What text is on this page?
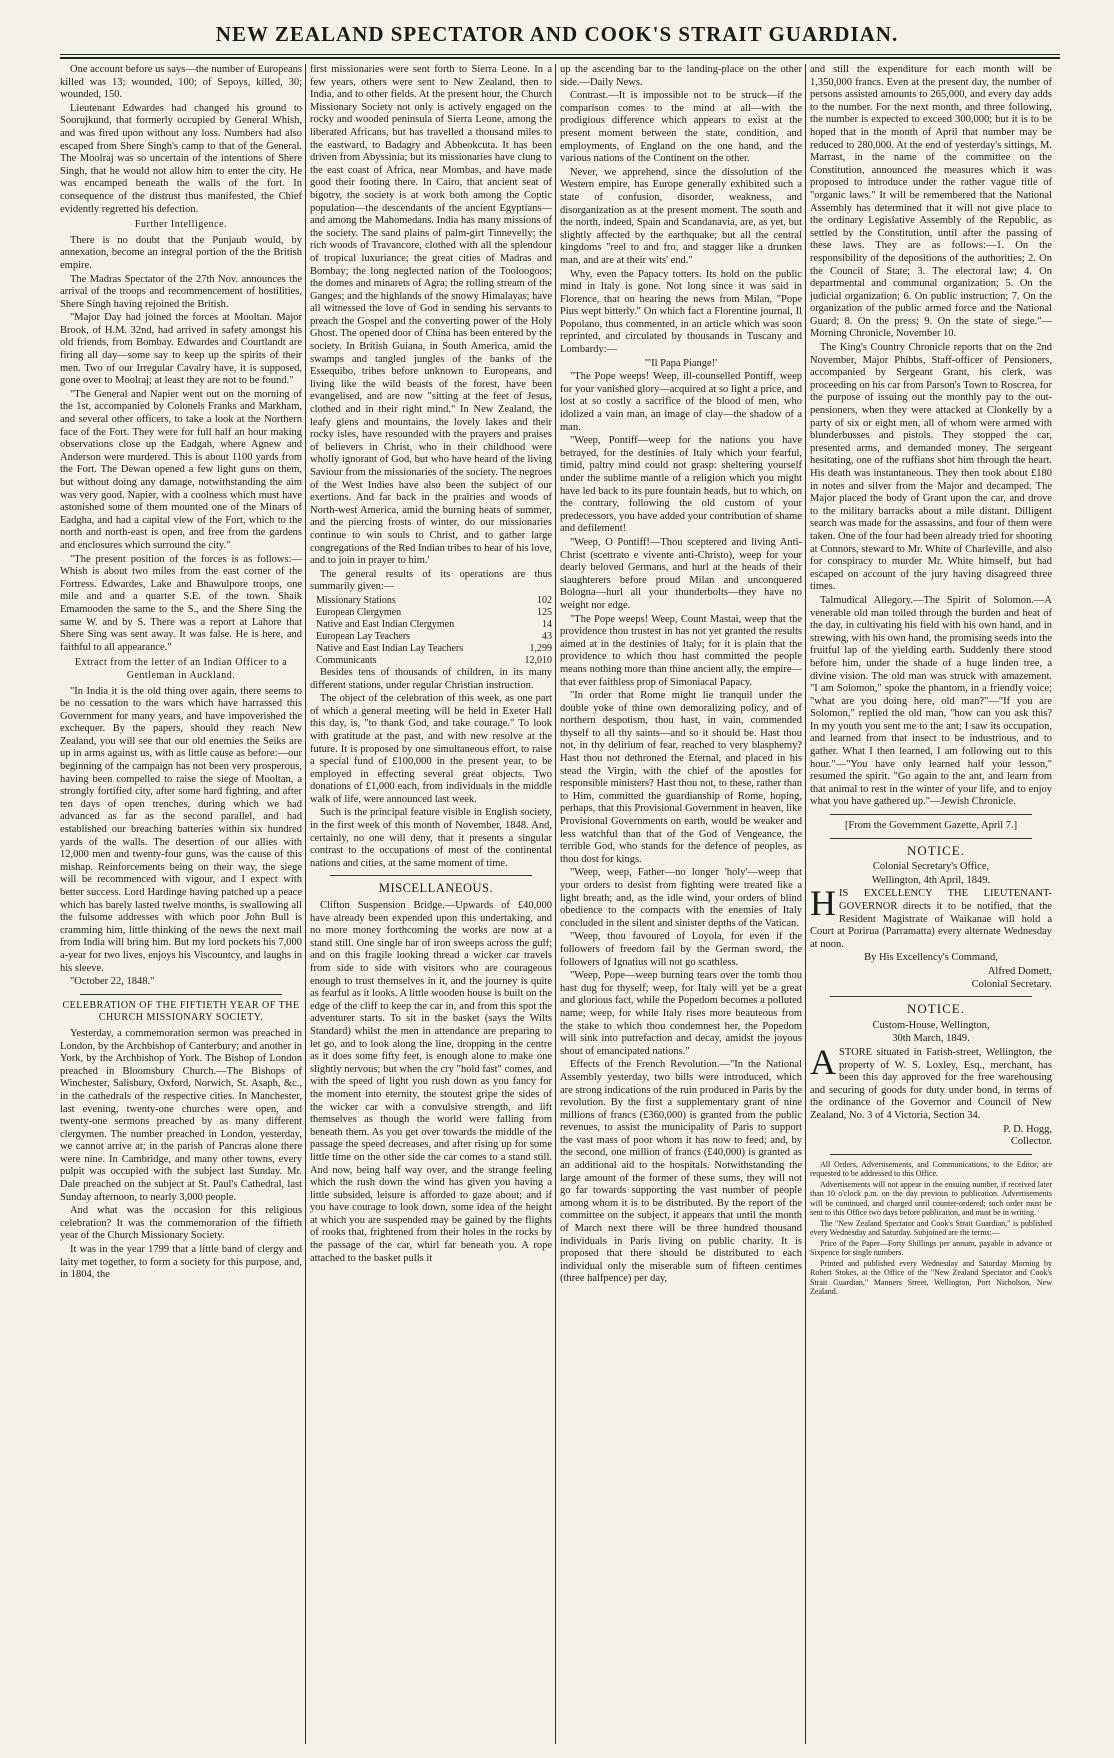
NEW ZEALAND SPECTATOR AND COOK'S STRAIT GUARDIAN.

One account before us says—the number of Europeans killed was 13; wounded, 100; of Sepoys, killed, 30; wounded, 150.

Lieutenant Edwardes had changed his ground to Soorujkund, that formerly occupied by General Whish, and was fired upon without any loss. Numbers had also escaped from Shere Singh's camp to that of the General. The Moolraj was so uncertain of the intentions of Shere Singh, that he would not allow him to enter the city. He was encamped beneath the walls of the fort. In consequence of the distrust thus manifested, the Chief evidently regretted his defection.

Further Intelligence.

There is no doubt that the Punjaub would, by annexation, become an integral portion of the the British empire.

The Madras Spectator of the 27th Nov. announces the arrival of the troops and recommencement of hostilities, Shere Singh having rejoined the British.

"Major Day had joined the forces at Mooltan. Major Brook, of H.M. 32nd, had arrived in safety amongst his old friends, from Bombay. Edwardes and Courtlandt are firing all day—some say to keep up the spirits of their men. Two of our Irregular Cavalry have, it is supposed, gone over to Moolraj; at least they are not to be found."

"The General and Napier went out on the morning of the 1st, accompanied by Colonels Franks and Markham, and several other officers, to take a look at the Northern face of the Fort. They were for full half an hour making observations close up the Eadgah, where Agnew and Anderson were murdered. This is about 1100 yards from the Fort. The Dewan opened a few light guns on them, but without doing any damage, notwithstanding the aim was very good. Napier, with a coolness which must have astonished some of them mounted one of the Minars of Eadgha, and had a capital view of the Fort, which to the north and north-east is open, and free from the gardens and enclosures which surround the city."

"The present position of the forces is as follows:—Whish is about two miles from the east corner of the Fortress. Edwardes, Lake and Bhawulpore troops, one mile and and a quarter S.E. of the town. Shaik Emamooden the same to the S., and the Shere Sing the same W. and by S. There was a report at Lahore that Shere Sing was sent away. It was false. He is here, and faithful to all appearance."

Extract from the letter of an Indian Officer to a Gentleman in Auckland.

"In India it is the old thing over again, there seems to be no cessation to the wars which have harrassed this Government for many years, and have impoverished the exchequer. By the papers, should they reach New Zealand, you will see that our old enemies the Seiks are up in arms against us, with as little cause as before:—our beginning of the campaign has not been very prosperous, having been compelled to raise the siege of Mooltan, a strongly fortified city, after some hard fighting, and after ten days of open trenches, during which we had advanced as far as the second parallel, and had established our breaching batteries within six hundred yards of the walls. The desertion of our allies with 12,000 men and twenty-four guns, was the cause of this mishap. Reinforcements being on their way, the siege will be recommenced with vigour, and I expect with better success. Lord Hardinge having patched up a peace which has barely lasted twelve months, is swallowing all the fulsome addresses with which poor John Bull is cramming him, little thinking of the news the next mail from India will bring him. But my lord pockets his 7,000 a-year for two lives, enjoys his Viscountcy, and laughs in his sleeve.

"October 22, 1848."

CELEBRATION OF THE FIFTIETH YEAR OF THE CHURCH MISSIONARY SOCIETY.

Yesterday, a commemoration sermon was preached in London, by the Archbishop of Canterbury; and another in York, by the Archbishop of York. The Bishop of London preached in Bloomsbury Church.—The Bishops of Winchester, Salisbury, Oxford, Norwich, St. Asaph, &c., in the cathedrals of the respective cities. In Manchester, last evening, twenty-one churches were open, and twenty-one sermons preached by as many different clergymen. The number preached in London, yesterday, we cannot arrive at; in the parish of Pancras alone there were nine. In Cambridge, and many other towns, every pulpit was occupied with the subject last Sunday. Mr. Dale preached on the subject at St. Paul's Cathedral, last Sunday afternoon, to nearly 3,000 people.

And what was the occasion for this religious celebration? It was the commemoration of the fiftieth year of the Church Missionary Society.

It was in the year 1799 that a little band of clergy and laity met together, to form a society for this purpose, and, in 1804, the

first missionaries were sent forth to Sierra Leone. In a few years, others were sent to New Zealand, then to India, and to other fields. At the present hour, the Church Missionary Society not only is actively engaged on the rocky and wooded peninsula of Sierra Leone, among the liberated Africans, but has travelled a thousand miles to the eastward, to Badagry and Abbeokcuta. It has been driven from Abyssinia; but its missionaries have clung to the east coast of Africa, near Mombas, and have made good their footing there. In Cairo, that ancient seat of bigotry, the society is at work both among the Coptic population—the descendants of the ancient Egyptians—and among the Mahomedans. India has many missions of the society. The sand plains of palm-girt Tinnevelly; the rich woods of Travancore, clothed with all the splendour of tropical luxuriance; the great cities of Madras and Bombay; the long neglected nation of the Tooloogoos; the domes and minarets of Agra; the rolling stream of the Ganges; and the highlands of the snowy Himalayas; have all witnessed the love of God in sending his servants to preach the Gospel and the converting power of the Holy Ghost. The opened door of China has been entered by the society. In British Guiana, in South America, amid the swamps and tangled jungles of the banks of the Essequibo, tribes before unknown to Europeans, and living like the wild beasts of the forest, have been evangelised, and are now "sitting at the feet of Jesus, clothed and in their right mind." In New Zealand, the leafy glens and mountains, the lovely lakes and their rocky isles, have resounded with the prayers and praises of believers in Christ, who in their childhood were wholly ignorant of God, but who have heard of the living Saviour from the missionaries of the society. The negroes of the West Indies have also been the subject of our exertions. And far back in the prairies and woods of North-west America, amid the burning heats of summer, and the piercing frosts of winter, do our missionaries continue to win souls to Christ, and to gather large congregations of the Red Indian tribes to hear of his love, and to join in prayer to him.'

The general results of its operations are thus summarily given:—

Missionary Stations	102
European Clergymen	125
Native and East Indian Clergymen	14
European Lay Teachers	43
Native and East Indian Lay Teachers	1,299
Communicants	12,010

Besides tens of thousands of children, in its many different stations, under regular Christian instruction.

The object of the celebration of this week, as one part of which a general meeting will be held in Exeter Hall this day, is, "to thank God, and take courage." To look with gratitude at the past, and with new resolve at the future. It is proposed by one simultaneous effort, to raise a special fund of £100,000 in the present year, to be employed in effecting several great objects. Two donations of £1,000 each, from individuals in the middle walk of life, were announced last week.

Such is the principal feature visible in English society, in the first week of this month of November, 1848. And, certainly, no one will deny, that it presents a singular contrast to the occupations of most of the continental nations and cities, at the same moment of time.

MISCELLANEOUS.

Clifton Suspension Bridge.—Upwards of £40,000 have already been expended upon this undertaking, and no more money forthcoming the works are now at a stand still. One single bar of iron sweeps across the gulf; and on this fragile looking thread a wicker car travels from side to side with visitors who are courageous enough to trust themselves in it, and the journey is quite as fearful as it looks. A little wooden house is built on the edge of the cliff to keep the car in, and from this spot the adventurer starts. To sit in the basket (says the Wilts Standard) whilst the men in attendance are preparing to let go, and to look along the line, dropping in the centre as it does some fifty feet, is enough alone to make one slightly nervous; but when the cry "hold fast" comes, and with the speed of light you rush down as you fancy for the moment into eternity, the stoutest gripe the sides of the wicker car with a convulsive strength, and lift themselves as though the world were falling from beneath them. As you get over towards the middle of the passage the speed decreases, and after rising up for some little time on the other side the car comes to a stand still. And now, being half way over, and the strange feeling which the rush down the wind has given you having a little subsided, leisure is afforded to gaze about; and if you have courage to look down, some idea of the height at which you are suspended may be gained by the flights of rooks that, frightened from their holes in the rocks by the passage of the car, whirl far beneath you. A rope attached to the basket pulls it

up the ascending bar to the landing-place on the other side.—Daily News.

Contrast.—It is impossible not to be struck—if the comparison comes to the mind at all—with the prodigious difference which appears to exist at the present moment between the state, condition, and employments, of England on the one hand, and the various nations of the Continent on the other.

Never, we apprehend, since the dissolution of the Western empire, has Europe generally exhibited such a state of confusion, disorder, weakness, and disorganization as at the present moment. The south and the north, indeed, Spain and Scandanavia, are, as yet, but slightly affected by the earthquake; but all the central kingdoms "reel to and fro, and stagger like a drunken man, and are at their wits' end."

Why, even the Papacy totters. Its hold on the public mind in Italy is gone. Not long since it was said in Florence, that on hearing the news from Milan, "Pope Pius wept bitterly." On which fact a Florentine journal, Il Popolano, thus commented, in an article which was soon reprinted, and circulated by thousands in Tuscany and Lombardy:—

"'Il Papa Piange!'

"The Pope weeps! Weep, ill-counselled Pontiff, weep for your vanished glory—acquired at so light a price, and lost at so costly a sacrifice of the blood of men, who idolized a vain man, an image of clay—the shadow of a man.

"Weep, Pontiff—weep for the nations you have betrayed, for the destinies of Italy which your fearful, timid, paltry mind could not grasp: sheltering yourself under the sublime mantle of a religion which you might have led back to its pure fountain heads, but to which, on the contrary, following the old custom of your predecessors, you have added your contribution of shame and defilement!

"Weep, O Pontiff!—Thou sceptered and living Anti-Christ (scettrato e vivente anti-Christo), weep for your dearly beloved Germans, and hurl at the heads of their slaughterers before proud Milan and unconquered Bologna—hurl all your thunderbolts—they have no weight nor edge.

"The Pope weeps! Weep, Count Mastai, weep that the providence thou trustest in has not yet granted the results aimed at in the destinies of Italy; for it is plain that the providence to which thou hast committed the people means nothing more than thine ancient ally, the empire—that ever faithless prop of Simoniacal Papacy.

"In order that Rome might lie tranquil under the double yoke of thine own demoralizing policy, and of northern despotism, thou hast, in vain, commended thyself to all thy saints—and so it should be. Hast thou not, in thy delirium of fear, reached to very blasphemy? Hast thou not dethroned the Eternal, and placed in his stead the Virgin, with the chief of the apostles for responsible ministers? Hast thou not, to these, rather than to Him, committed the guardianship of Rome, hoping, perhaps, that this Provisional Government in heaven, like Provisional Governments on earth, would be weaker and less watchful than that of the God of Vengeance, the terrible God, who stands for the defence of peoples, as thou dost for kings.

"Weep, weep, Father—no longer 'holy'—weep that your orders to desist from fighting were treated like a light breath; and, as the idle wind, your orders of blind obedience to the compacts with the enemies of Italy concluded in the silent and sinister depths of the Vatican.

"Weep, thou favoured of Loyola, for even if the followers of freedom fail by the German sword, the followers of Ignatius will not go scathless.

"Weep, Pope—weep burning tears over the tomb thou hast dug for thyself; weep, for Italy will yet be a great and glorious fact, while the Popedom becomes a polluted name; weep, for while Italy rises more beauteous from the stake to which thou condemnest her, the Popedom will sink into putrefaction and decay, amidst the joyous shout of emancipated nations."

Effects of the French Revolution.—"In the National Assembly yesterday, two bills were introduced, which are strong indications of the ruin produced in Paris by the revolution. By the first a supplementary grant of nine millions of francs (£360,000) is granted from the public revenues, to assist the municipality of Paris to support the vast mass of poor whom it has now to feed; and, by the second, one million of francs (£40,000) is granted as an additional aid to the hospitals. Notwithstanding the large amount of the former of these sums, they will not go far towards supporting the vast number of people among whom it is to be distributed. By the report of the committee on the subject, it appears that until the month of March next there will be three hundred thousand individuals in Paris living on public charity. It is proposed that there should be distributed to each individual only the miserable sum of fifteen centimes (three halfpence) per day,

and still the expenditure for each month will be 1,350,000 francs. Even at the present day, the number of persons assisted amounts to 265,000, and every day adds to the number. For the next month, and three following, the number is expected to exceed 300,000; but it is to be hoped that in the month of April that number may be reduced to 280,000. At the end of yesterday's sittings, M. Marrast, in the name of the committee on the Constitution, announced the measures which it was proposed to introduce under the rather vague title of "organic laws." It will be remembered that the National Assembly has determined that it will not give place to the ordinary Legislative Assembly of the Republic, as settled by the Constitution, until after the passing of these laws. They are as follows:—1. On the responsibility of the depositions of the authorities; 2. On the Council of State; 3. The electoral law; 4. On departmental and communal organization; 5. On the judicial organization; 6. On public instruction; 7. On the organization of the public armed force and the National Guard; 8. On the press; 9. On the state of siege."—Morning Chronicle, November 10.

The King's Country Chronicle reports that on the 2nd November, Major Phibbs, Staff-officer of Pensioners, accompanied by Sergeant Grant, his clerk, was proceeding on his car from Parson's Town to Roscrea, for the purpose of issuing out the monthly pay to the out-pensioners, when they were attacked at Clonkelly by a party of six or eight men, all of whom were armed with blunderbusses and pistols. They stopped the car, presented arms, and demanded money. The sergeant hesitating, one of the ruffians shot him through the heart. His death was instantaneous. They then took about £180 in notes and silver from the Major and decamped. The Major placed the body of Grant upon the car, and drove to the military barracks about a mile distant. Dilligent search was made for the assassins, and four of them were taken. One of the four had been already tried for shooting at Connors, steward to Mr. White of Charleville, and also for conspiracy to murder Mr. White himself, but had escaped on account of the jury having disagreed three times.

Talmudical Allegory.—The Spirit of Solomon.—A venerable old man toiled through the burden and heat of the day, in cultivating his field with his own hand, and in strewing, with his own hand, the promising seeds into the fruitful lap of the yielding earth. Suddenly there stood before him, under the shade of a huge linden tree, a divine vision. The old man was struck with amazement. "I am Solomon," spoke the phantom, in a friendly voice; "what are you doing here, old man?"—"If you are Solomon," replied the old man, "how can you ask this? In my youth you sent me to the ant; I saw its occupation, and learned from that insect to be industrious, and to gather. What I then learned, I am following out to this hour."—"You have only learned half your lesson," resumed the spirit. "Go again to the ant, and learn from that animal to rest in the winter of your life, and to enjoy what you have gathered up."—Jewish Chronicle.

[From the Government Gazette, April 7.]

NOTICE.

Colonial Secretary's Office,

Wellington, 4th April, 1849.

HIS EXCELLENCY THE LIEUTENANT-GOVERNOR directs it to be notified, that the Resident Magistrate of Waikanae will hold a Court at Porirua (Parramatta) every alternate Wednesday at noon.

By His Excellency's Command,

Alfred Domett,

Colonial Secretary.

NOTICE.

Custom-House, Wellington,

30th March, 1849.

ASTORE situated in Farish-street, Wellington, the property of W. S. Loxley, Esq., merchant, has been this day approved for the free warehousing and securing of goods for duty under bond, in terms of the ordinance of the Governor and Council of New Zealand, No. 3 of 4 Victoria, Section 34.

P. D. Hogg,

Collector.

All Orders, Advertisements, and Communications, to the Editor, are requested to be addressed to this Office.

Advertisements will not appear in the ensuing number, if received later than 10 o'clock p.m. on the day previous to publication. Advertisements will be continued, and charged until counter-ordered; such order must be sent to this Office two days before publication, and must be in writing.

The "New Zealand Spectator and Cook's Strait Guardian," is published every Wednesday and Saturday. Subjoined are the terms:—

Price of the Paper—Forty Shillings per annum, payable in advance or Sixpence for single numbers.

Printed and published every Wednesday and Saturday Morning by Robert Stokes, at the Office of the "New Zealand Spectator and Cook's Strait Guardian," Manners Street, Wellington, Port Nicholson, New Zealand.
